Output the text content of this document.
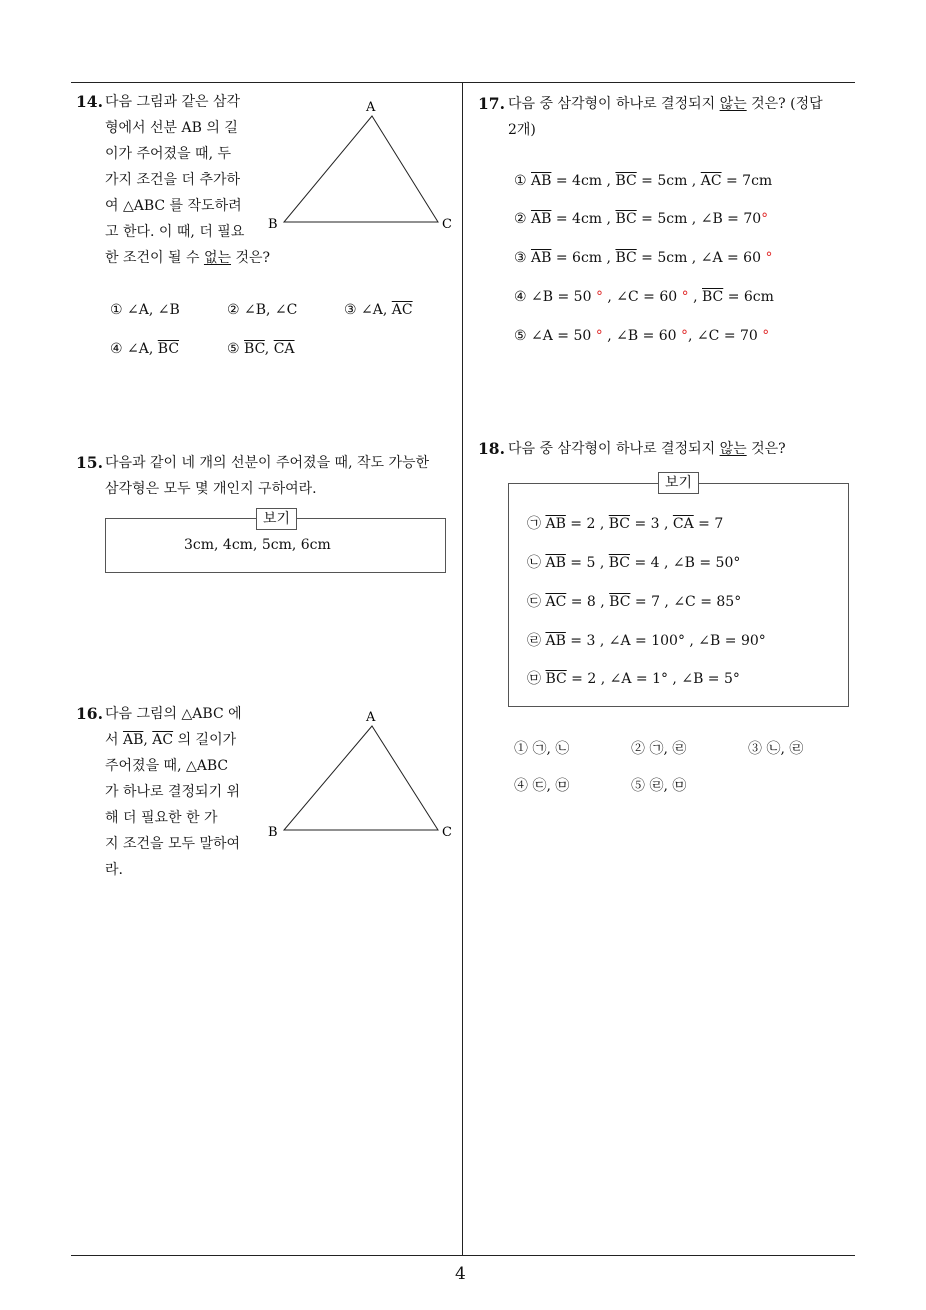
4
14. 다음 그림과 같은 삼각
형에서 선분 AB 의 길
이가 주어졌을 때, 두
가지 조건을 더 추가하
여 △ABC 를 작도하려
고 한다. 이 때, 더 필요
한 조건이 될 수 없는 것은?
A
B	C
① ∠A, ∠B	② ∠B, ∠C	③ ∠A, $\overline{AC}$
④ ∠A, $\overline{BC}$	⑤ $\overline{BC}$, $\overline{CA}$
15. 다음과 같이 네 개의 선분이 주어졌을 때, 작도 가능한
삼각형은 모두 몇 개인지 구하여라.
보기
3cm, 4cm, 5cm, 6cm
16. 다음 그림의 △ABC 에
서 $\overline{AB}$, $\overline{AC}$ 의 길이가
주어졌을 때, △ABC
가 하나로 결정되기 위
해 더 필요한 한 가
지 조건을 모두 말하여
라.
A
B	C
17. 다음 중 삼각형이 하나로 결정되지 않는 것은? (정답
2개)
① $\overline{AB} = 4cm$ , $\overline{BC} = 5cm$ , $\overline{AC} = 7cm$
② $\overline{AB} = 4cm$ , $\overline{BC} = 5cm$ , ∠B = 70°
③ $\overline{AB} = 6cm$ , $\overline{BC} = 5cm$ , ∠A = 60 °
④ ∠B = 50 ° , ∠C = 60 ° , $\overline{BC} = 6cm$
⑤ ∠A = 50 ° , ∠B = 60 °, ∠C = 70 °
18. 다음 중 삼각형이 하나로 결정되지 않는 것은?
보기
㉠ $\overline{AB} = 2$ , $\overline{BC} = 3$ , $\overline{CA} = 7$
㉡ $\overline{AB} = 5$ , $\overline{BC} = 4$ , ∠B = 50°
㉢ $\overline{AC} = 8$ , $\overline{BC} = 7$ , ∠C = 85°
㉣ $\overline{AB} = 3$ , ∠A = 100° , ∠B = 90°
㉤ $\overline{BC} = 2$ , ∠A = 1° , ∠B = 5°
① ㉠, ㉡	② ㉠, ㉣	③ ㉡, ㉣
④ ㉢, ㉤	⑤ ㉣, ㉤
